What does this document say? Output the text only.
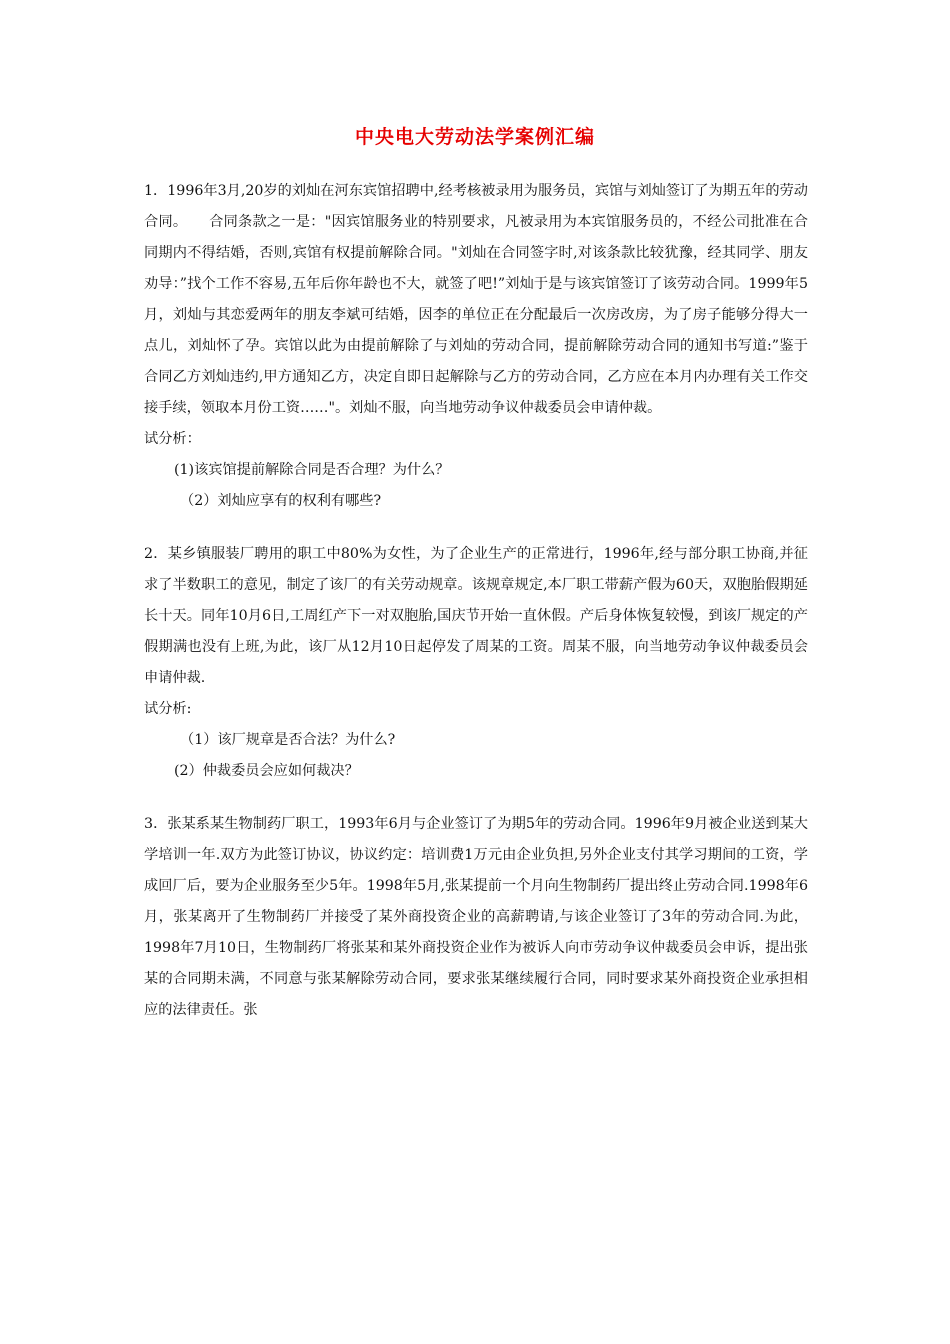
中央电大劳动法学案例汇编

1．1996年3月,20岁的刘灿在河东宾馆招聘中,经考核被录用为服务员，宾馆与刘灿签订了为期五年的劳动合同。　　合同条款之一是："因宾馆服务业的特别要求，凡被录用为本宾馆服务员的，不经公司批准在合同期内不得结婚，否则,宾馆有权提前解除合同。"刘灿在合同签字时,对该条款比较犹豫，经其同学、朋友劝导：”找个工作不容易,五年后你年龄也不大，就签了吧!”刘灿于是与该宾馆签订了该劳动合同。1999年5月，刘灿与其恋爱两年的朋友李斌可结婚，因李的单位正在分配最后一次房改房，为了房子能够分得大一点儿，刘灿怀了孕。宾馆以此为由提前解除了与刘灿的劳动合同，提前解除劳动合同的通知书写道:”鉴于合同乙方刘灿违约,甲方通知乙方，决定自即日起解除与乙方的劳动合同，乙方应在本月内办理有关工作交接手续，领取本月份工资……"。刘灿不服，向当地劳动争议仲裁委员会申请仲裁。

试分析：

(1)该宾馆提前解除合同是否合理？为什么？

（2）刘灿应享有的权利有哪些?

2．某乡镇服装厂聘用的职工中80%为女性，为了企业生产的正常进行，1996年,经与部分职工协商,并征求了半数职工的意见，制定了该厂的有关劳动规章。该规章规定,本厂职工带薪产假为60天，双胞胎假期延长十天。同年10月6日,工周红产下一对双胞胎,国庆节开始一直休假。产后身体恢复较慢，到该厂规定的产假期满也没有上班,为此，该厂从12月10日起停发了周某的工资。周某不服，向当地劳动争议仲裁委员会申请仲裁.

试分析:

（1）该厂规章是否合法？为什么?

(2）仲裁委员会应如何裁决？

3．张某系某生物制药厂职工，1993年6月与企业签订了为期5年的劳动合同。1996年9月被企业送到某大学培训一年.双方为此签订协议，协议约定：培训费1万元由企业负担,另外企业支付其学习期间的工资，学成回厂后，要为企业服务至少5年。1998年5月,张某提前一个月向生物制药厂提出终止劳动合同.1998年6月，张某离开了生物制药厂并接受了某外商投资企业的高薪聘请,与该企业签订了3年的劳动合同.为此，1998年7月10日，生物制药厂将张某和某外商投资企业作为被诉人向市劳动争议仲裁委员会申诉，提出张某的合同期未满，不同意与张某解除劳动合同，要求张某继续履行合同，同时要求某外商投资企业承担相应的法律责任。张
